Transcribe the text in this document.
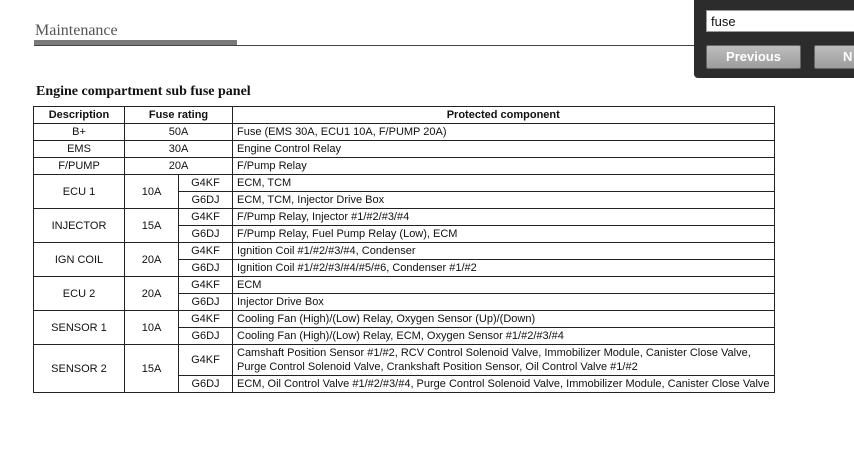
Maintenance
Engine compartment sub fuse panel
Description	Fuse rating		Protected component
B+	50A		Fuse (EMS 30A, ECU1 10A, F/PUMP 20A)
EMS	30A		Engine Control Relay
F/PUMP	20A		F/Pump Relay
ECU 1	10A	G4KF	ECM, TCM
		G6DJ	ECM, TCM, Injector Drive Box
INJECTOR	15A	G4KF	F/Pump Relay, Injector #1/#2/#3/#4
		G6DJ	F/Pump Relay, Fuel Pump Relay (Low), ECM
IGN COIL	20A	G4KF	Ignition Coil #1/#2/#3/#4, Condenser
		G6DJ	Ignition Coil #1/#2/#3/#4/#5/#6, Condenser #1/#2
ECU 2	20A	G4KF	ECM
		G6DJ	Injector Drive Box
SENSOR 1	10A	G4KF	Cooling Fan (High)/(Low) Relay, Oxygen Sensor (Up)/(Down)
		G6DJ	Cooling Fan (High)/(Low) Relay, ECM, Oxygen Sensor #1/#2/#3/#4
SENSOR 2	15A	G4KF	Camshaft Position Sensor #1/#2, RCV Control Solenoid Valve, Immobilizer Module, Canister Close Valve,
Purge Control Solenoid Valve, Crankshaft Position Sensor, Oil Control Valve #1/#2

		G6DJ	ECM, Oil Control Valve #1/#2/#3/#4, Purge Control Solenoid Valve, Immobilizer Module, Canister Close Valve
fuse
Previous	N
